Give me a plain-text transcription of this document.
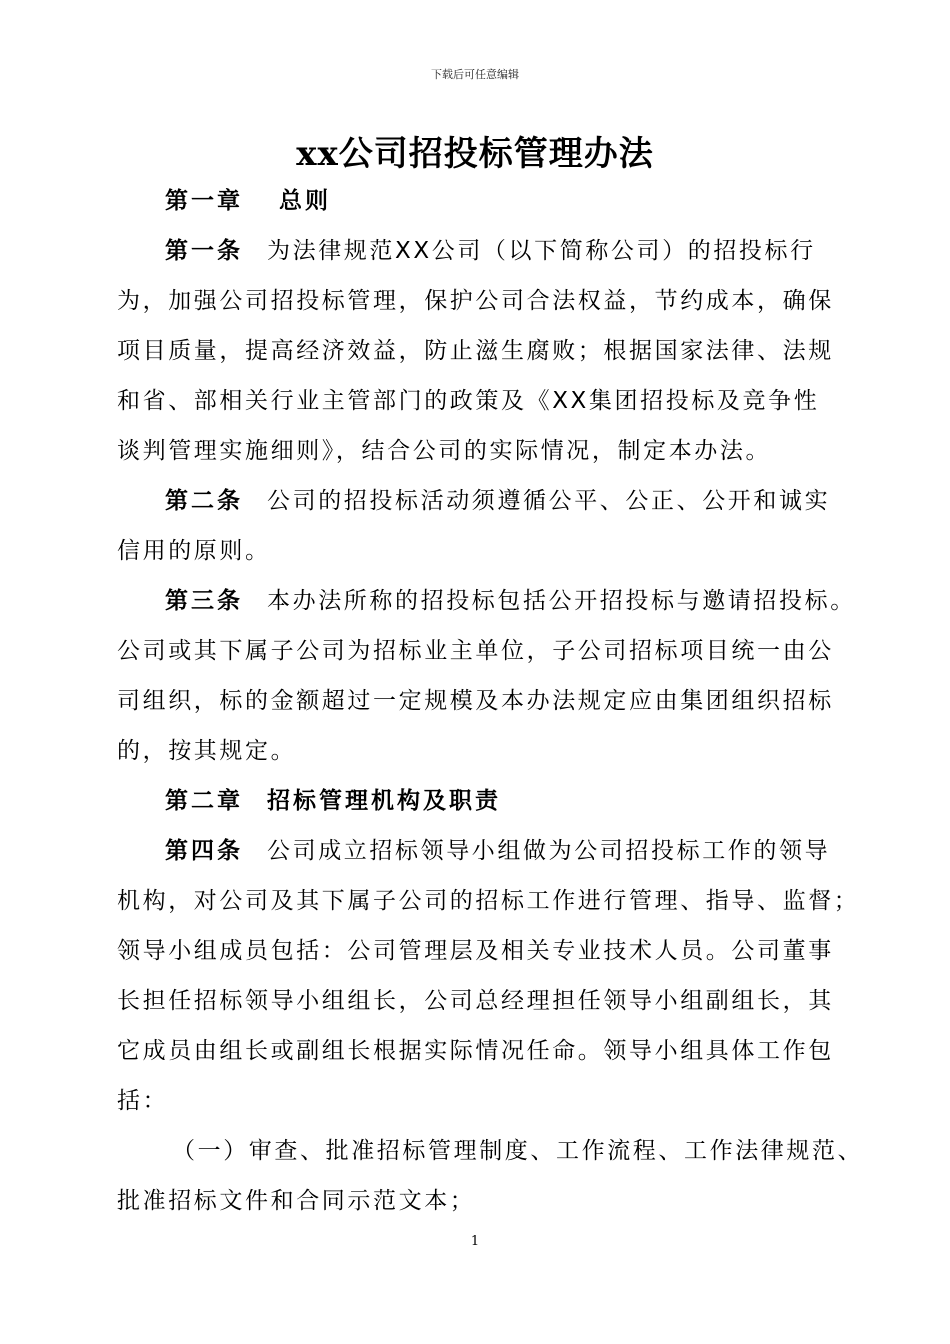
下载后可任意编辑
xx公司招投标管理办法
第一章 总则
第一条 为法律规范XX公司（以下简称公司）的招投标行
为，加强公司招投标管理，保护公司合法权益，节约成本，确保
项目质量，提高经济效益，防止滋生腐败；根据国家法律、法规
和省、部相关行业主管部门的政策及《XX集团招投标及竞争性
谈判管理实施细则》，结合公司的实际情况，制定本办法。
第二条 公司的招投标活动须遵循公平、公正、公开和诚实
信用的原则。
第三条 本办法所称的招投标包括公开招投标与邀请招投标。
公司或其下属子公司为招标业主单位，子公司招标项目统一由公
司组织，标的金额超过一定规模及本办法规定应由集团组织招标
的，按其规定。
第二章 招标管理机构及职责
第四条 公司成立招标领导小组做为公司招投标工作的领导
机构，对公司及其下属子公司的招标工作进行管理、指导、监督；
领导小组成员包括：公司管理层及相关专业技术人员。公司董事
长担任招标领导小组组长，公司总经理担任领导小组副组长，其
它成员由组长或副组长根据实际情况任命。领导小组具体工作包
括：
（一）审查、批准招标管理制度、工作流程、工作法律规范、
批准招标文件和合同示范文本；
1
